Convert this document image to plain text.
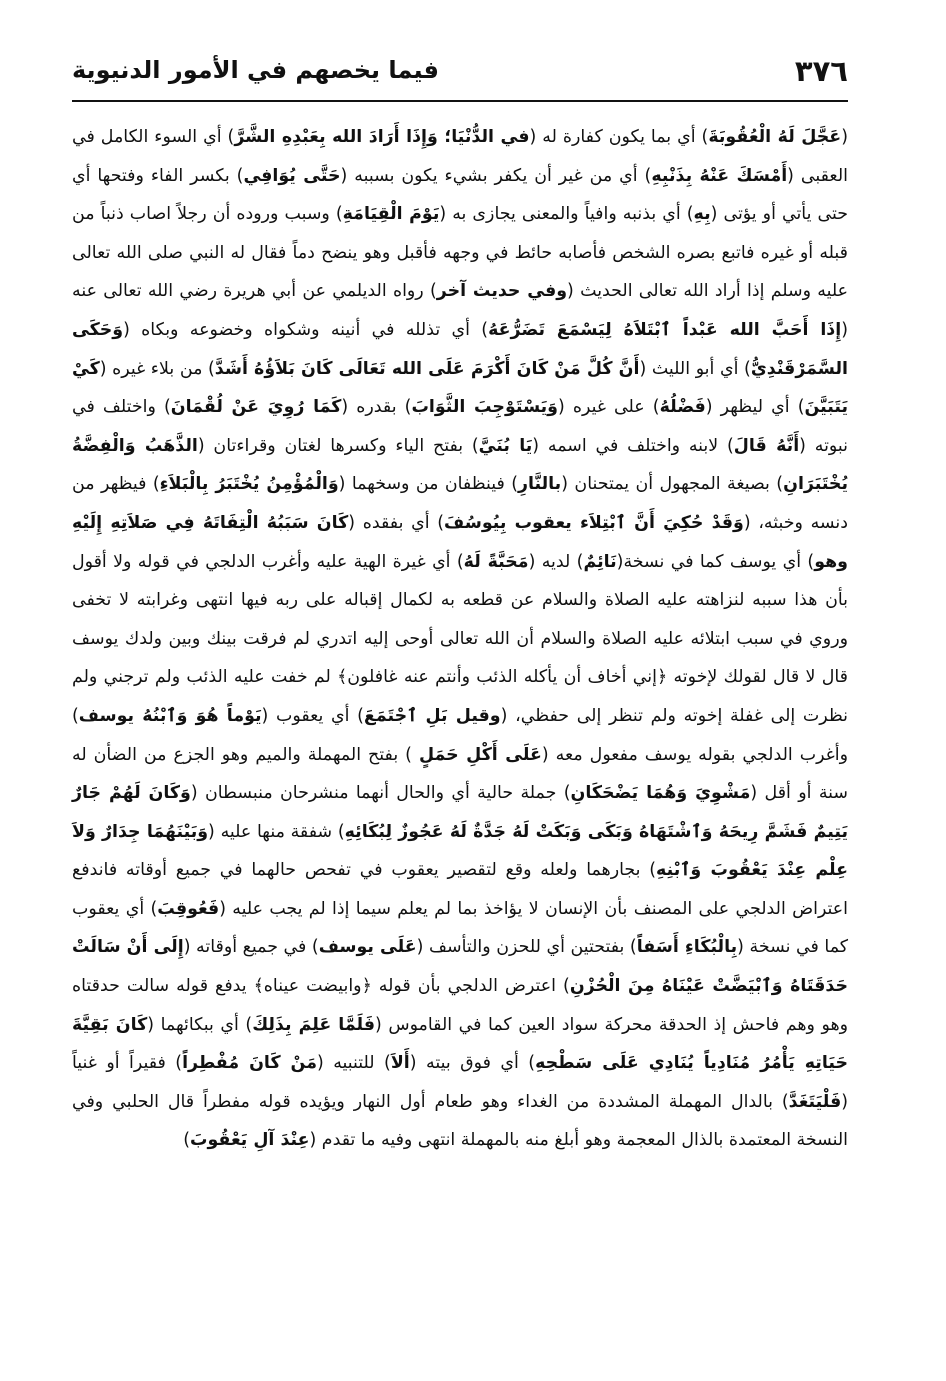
٣٧٦
فيما يخصهم في الأمور الدنيوية

(عَجَّلَ لَهُ الْعُقُوبَةَ) أي بما يكون كفارة له (في الدُّنْيَا؛ وَإِذَا أَرَادَ الله بِعَبْدِهِ الشَّرَّ) أي السوء الكامل في العقبى (أَمْسَكَ عَنْهُ بِذَنْبِهِ) أي من غير أن يكفر بشيء يكون بسببه (حَتَّى يُوَافِي) بكسر الفاء وفتحها أي حتى يأتي أو يؤتى (بِهِ) أي بذنبه وافياً والمعنى يجازى به (يَوْمَ الْقِيَامَةِ) وسبب وروده أن رجلاً اصاب ذنباً من قبله أو غيره فاتبع بصره الشخص فأصابه حائط في وجهه فأقبل وهو ينضح دماً فقال له النبي صلى الله تعالى عليه وسلم إذا أراد الله تعالى الحديث (وفي حديث آخر) رواه الديلمي عن أبي هريرة رضي الله تعالى عنه (إِذَا أَحَبَّ الله عَبْداً ٱبْتَلاَهُ لِيَسْمَعَ تَضَرُّعَهُ) أي تذلله في أنينه وشكواه وخضوعه وبكاه (وَحَكَى السَّمَرْقَنْدِيُّ) أي أبو الليث (أَنَّ كُلَّ مَنْ كَانَ أَكْرَمَ عَلَى الله تَعَالَى كَانَ بَلاَؤُهُ أَشَدَّ) من بلاء غيره (كَيْ يَتَبَيَّنَ) أي ليظهر (فَضْلُهُ) على غيره (وَيَسْتَوْجِبَ الثَّوَابَ) بقدره (كَمَا رُوِيَ عَنْ لُقْمَانَ) واختلف في نبوته (أَنَّهُ قَالَ) لابنه واختلف في اسمه (يَا بُنَيَّ) بفتح الياء وكسرها لغتان وقراءتان (الذَّهَبُ وَالْفِضَّةُ يُخْتَبَرَانِ) بصيغة المجهول أن يمتحنان (بالنَّارِ) فينظفان من وسخهما (وَالْمُؤْمِنُ يُخْتَبَرُ بِالْبَلاَءِ) فيظهر من دنسه وخبثه، (وَقَدْ حُكِيَ أَنَّ ٱبْتِلاَء يعقوب بِيُوسُفَ) أي بفقده (كَانَ سَبَبُهُ الْتِفَاتَهُ فِي صَلاَتِهِ إِلَيْهِ وهو) أي يوسف كما في نسخة(نَائِمٌ) لديه (مَحَبَّةً لَهُ) أي غيرة الهية عليه وأغرب الدلجي في قوله ولا أقول بأن هذا سببه لنزاهته عليه الصلاة والسلام عن قطعه به لكمال إقباله على ربه فيها انتهى وغرابته لا تخفى وروي في سبب ابتلائه عليه الصلاة والسلام أن الله تعالى أوحى إليه اتدري لم فرقت بينك وبين ولدك يوسف قال لا قال لقولك لإخوته ﴿إني أخاف أن يأكله الذئب وأنتم عنه غافلون﴾ لم خفت عليه الذئب ولم ترجني ولم نظرت إلى غفلة إخوته ولم تنظر إلى حفظي، (وقيل بَلِ ٱجْتَمَعَ) أي يعقوب (يَوْماً هُوَ وَٱبْنُهُ يوسف) وأغرب الدلجي بقوله يوسف مفعول معه (عَلَى أَكْلِ حَمَلٍ ) بفتح المهملة والميم وهو الجزع من الضأن له سنة أو أقل (مَشْوِيَ وَهُمَا يَضْحَكَانِ) جملة حالية أي والحال أنهما منشرحان منبسطان (وَكَانَ لَهُمْ جَارٌ يَتِيمٌ فَشَمَّ رِيحَهُ وَٱشْتَهَاهُ وَبَكَى وَبَكَتْ لَهُ جَدَّةٌ لَهُ عَجُوزٌ لِبُكَائِهِ) شفقة منها عليه (وَبَيْنَهُمَا جِدَارٌ وَلاَ عِلْم عِنْدَ يَعْقُوبَ وَٱبْنِهِ) بجارهما ولعله وقع لتقصير يعقوب في تفحص حالهما في جميع أوقاته فاندفع اعتراض الدلجي على المصنف بأن الإنسان لا يؤاخذ بما لم يعلم سيما إذا لم يجب عليه (فَعُوقِبَ) أي يعقوب كما في نسخة (بِالْبُكَاءِ أَسَفاً) بفتحتين أي للحزن والتأسف (عَلَى يوسف) في جميع أوقاته (إِلَى أَنْ سَالَتْ حَدَقَتَاهُ وَٱبْيَضَّتْ عَيْنَاهُ مِنَ الْحُزْنِ) اعترض الدلجي بأن قوله ﴿وابيضت عيناه﴾ يدفع قوله سالت حدقتاه وهو وهم فاحش إذ الحدقة محركة سواد العين كما في القاموس (فَلَمَّا عَلِمَ بِذَلِكَ) أي ببكائهما (كَانَ بَقِيَّةَ حَيَاتِهِ يَأْمُرُ مُنَادِياً يُنَادِي عَلَى سَطْحِهِ) أي فوق بيته (أَلاَ) للتنبيه (مَنْ كَانَ مُفْطِراً) فقيراً أو غنياً (فَلْيَتَغَدَّ) بالدال المهملة المشددة من الغداء وهو طعام أول النهار ويؤيده قوله مفطراً قال الحلبي وفي النسخة المعتمدة بالذال المعجمة وهو أبلغ منه بالمهملة انتهى وفيه ما تقدم (عِنْدَ آلِ يَعْقُوبَ)
